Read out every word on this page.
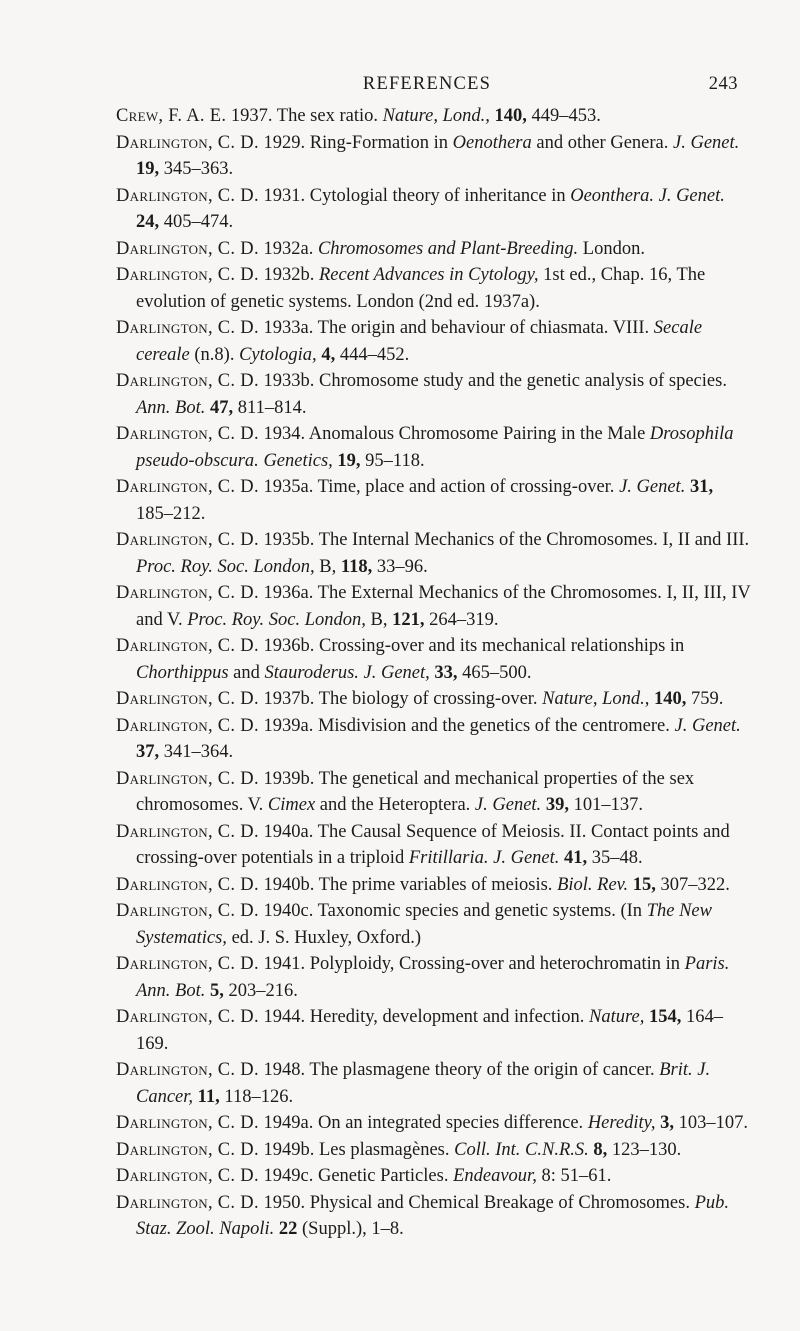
REFERENCES	243
Crew, F. A. E. 1937. The sex ratio. Nature, Lond., 140, 449–453.
Darlington, C. D. 1929. Ring-Formation in Oenothera and other Genera. J. Genet. 19, 345–363.
Darlington, C. D. 1931. Cytologial theory of inheritance in Oeonthera. J. Genet. 24, 405–474.
Darlington, C. D. 1932a. Chromosomes and Plant-Breeding. London.
Darlington, C. D. 1932b. Recent Advances in Cytology, 1st ed., Chap. 16, The evolution of genetic systems. London (2nd ed. 1937a).
Darlington, C. D. 1933a. The origin and behaviour of chiasmata. VIII. Secale cereale (n.8). Cytologia, 4, 444–452.
Darlington, C. D. 1933b. Chromosome study and the genetic analysis of species. Ann. Bot. 47, 811–814.
Darlington, C. D. 1934. Anomalous Chromosome Pairing in the Male Drosophila pseudo-obscura. Genetics, 19, 95–118.
Darlington, C. D. 1935a. Time, place and action of crossing-over. J. Genet. 31, 185–212.
Darlington, C. D. 1935b. The Internal Mechanics of the Chromosomes. I, II and III. Proc. Roy. Soc. London, B, 118, 33–96.
Darlington, C. D. 1936a. The External Mechanics of the Chromosomes. I, II, III, IV and V. Proc. Roy. Soc. London, B, 121, 264–319.
Darlington, C. D. 1936b. Crossing-over and its mechanical relationships in Chorthippus and Stauroderus. J. Genet, 33, 465–500.
Darlington, C. D. 1937b. The biology of crossing-over. Nature, Lond., 140, 759.
Darlington, C. D. 1939a. Misdivision and the genetics of the centromere. J. Genet. 37, 341–364.
Darlington, C. D. 1939b. The genetical and mechanical properties of the sex chromosomes. V. Cimex and the Heteroptera. J. Genet. 39, 101–137.
Darlington, C. D. 1940a. The Causal Sequence of Meiosis. II. Contact points and crossing-over potentials in a triploid Fritillaria. J. Genet. 41, 35–48.
Darlington, C. D. 1940b. The prime variables of meiosis. Biol. Rev. 15, 307–322.
Darlington, C. D. 1940c. Taxonomic species and genetic systems. (In The New Systematics, ed. J. S. Huxley, Oxford.)
Darlington, C. D. 1941. Polyploidy, Crossing-over and heterochromatin in Paris. Ann. Bot. 5, 203–216.
Darlington, C. D. 1944. Heredity, development and infection. Nature, 154, 164–169.
Darlington, C. D. 1948. The plasmagene theory of the origin of cancer. Brit. J. Cancer, 11, 118–126.
Darlington, C. D. 1949a. On an integrated species difference. Heredity, 3, 103–107.
Darlington, C. D. 1949b. Les plasmagènes. Coll. Int. C.N.R.S. 8, 123–130.
Darlington, C. D. 1949c. Genetic Particles. Endeavour, 8: 51–61.
Darlington, C. D. 1950. Physical and Chemical Breakage of Chromosomes. Pub. Staz. Zool. Napoli. 22 (Suppl.), 1–8.
